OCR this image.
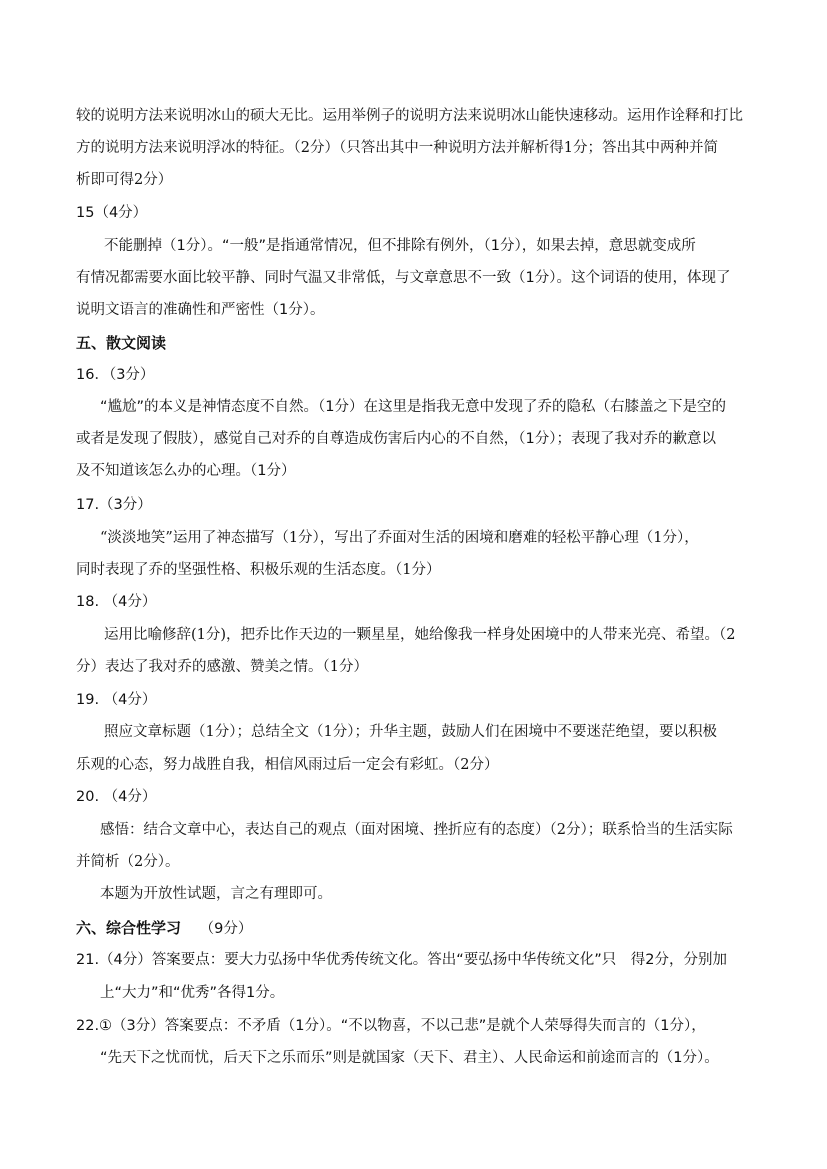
较的说明方法来说明冰山的硕大无比。运用举例子的说明方法来说明冰山能快速移动。运用作诠释和打比
方的说明方法来说明浮冰的特征。（2分）（只答出其中一种说明方法并解析得1分；答出其中两种并简
析即可得2分）
15（4分）
不能删掉（1分）。“一般”是指通常情况，但不排除有例外，（1分），如果去掉，意思就变成所
有情况都需要水面比较平静、同时气温又非常低，与文章意思不一致（1分）。这个词语的使用，体现了
说明文语言的准确性和严密性（1分）。
五、散文阅读
16．（3分）
“尴尬”的本义是神情态度不自然。（1分）在这里是指我无意中发现了乔的隐私（右膝盖之下是空的
或者是发现了假肢），感觉自己对乔的自尊造成伤害后内心的不自然，（1分）；表现了我对乔的歉意以
及不知道该怎么办的心理。（1分）
17.（3分）
“淡淡地笑”运用了神态描写（1分），写出了乔面对生活的困境和磨难的轻松平静心理（1分），
同时表现了乔的坚强性格、积极乐观的生活态度。（1分）
18. （4分）
运用比喻修辞(1分)，把乔比作天边的一颗星星，她给像我一样身处困境中的人带来光亮、希望。（2
分）表达了我对乔的感激、赞美之情。（1分）
19. （4分）
照应文章标题（1分）；总结全文（1分）；升华主题，鼓励人们在困境中不要迷茫绝望，要以积极
乐观的心态，努力战胜自我，相信风雨过后一定会有彩虹。（2分）
20. （4分）
感悟：结合文章中心，表达自己的观点（面对困境、挫折应有的态度）（2分）；联系恰当的生活实际
并简析（2分）。
本题为开放性试题，言之有理即可。
六、综合性学习 （9分）
21.（4分）答案要点：要大力弘扬中华优秀传统文化。答出“要弘扬中华传统文化”只　得2分，分别加
上“大力”和“优秀”各得1分。
22.①（3分）答案要点：不矛盾（1分）。“不以物喜，不以己悲”是就个人荣辱得失而言的（1分），
“先天下之忧而忧，后天下之乐而乐”则是就国家（天下、君主）、人民命运和前途而言的（1分）。
